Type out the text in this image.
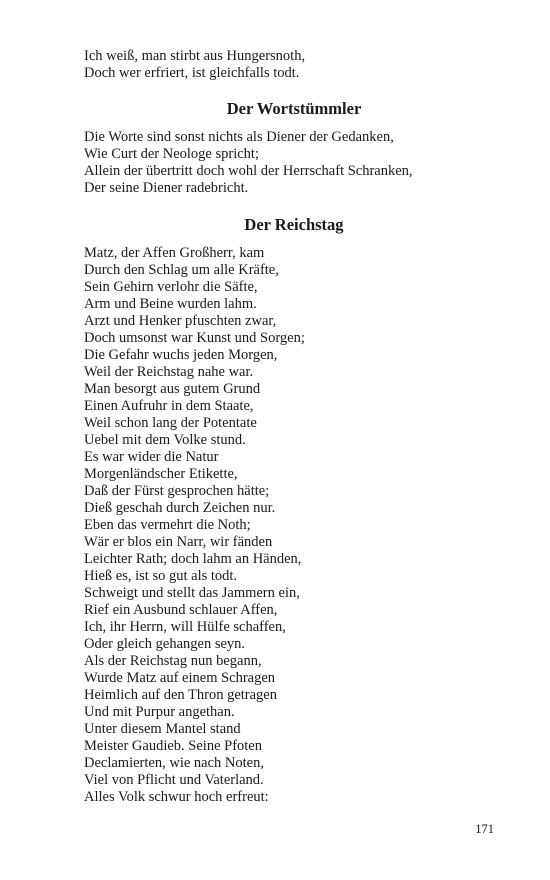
Ich weiß, man stirbt aus Hungersnoth,
Doch wer erfriert, ist gleichfalls todt.
Der Wortstümmler
Die Worte sind sonst nichts als Diener der Gedanken,
Wie Curt der Neologe spricht;
Allein der übertritt doch wohl der Herrschaft Schranken,
Der seine Diener radebricht.
Der Reichstag
Matz, der Affen Großherr, kam
Durch den Schlag um alle Kräfte,
Sein Gehirn verlohr die Säfte,
Arm und Beine wurden lahm.
Arzt und Henker pfuschten zwar,
Doch umsonst war Kunst und Sorgen;
Die Gefahr wuchs jeden Morgen,
Weil der Reichstag nahe war.
Man besorgt aus gutem Grund
Einen Aufruhr in dem Staate,
Weil schon lang der Potentate
Uebel mit dem Volke stund.
Es war wider die Natur
Morgenländscher Etikette,
Daß der Fürst gesprochen hätte;
Dieß geschah durch Zeichen nur.
Eben das vermehrt die Noth;
Wär er blos ein Narr, wir fänden
Leichter Rath; doch lahm an Händen,
Hieß es, ist so gut als todt.
Schweigt und stellt das Jammern ein,
Rief ein Ausbund schlauer Affen,
Ich, ihr Herrn, will Hülfe schaffen,
Oder gleich gehangen seyn.
Als der Reichstag nun begann,
Wurde Matz auf einem Schragen
Heimlich auf den Thron getragen
Und mit Purpur angethan.
Unter diesem Mantel stand
Meister Gaudieb. Seine Pfoten
Declamierten, wie nach Noten,
Viel von Pflicht und Vaterland.
Alles Volk schwur hoch erfreut:
171
